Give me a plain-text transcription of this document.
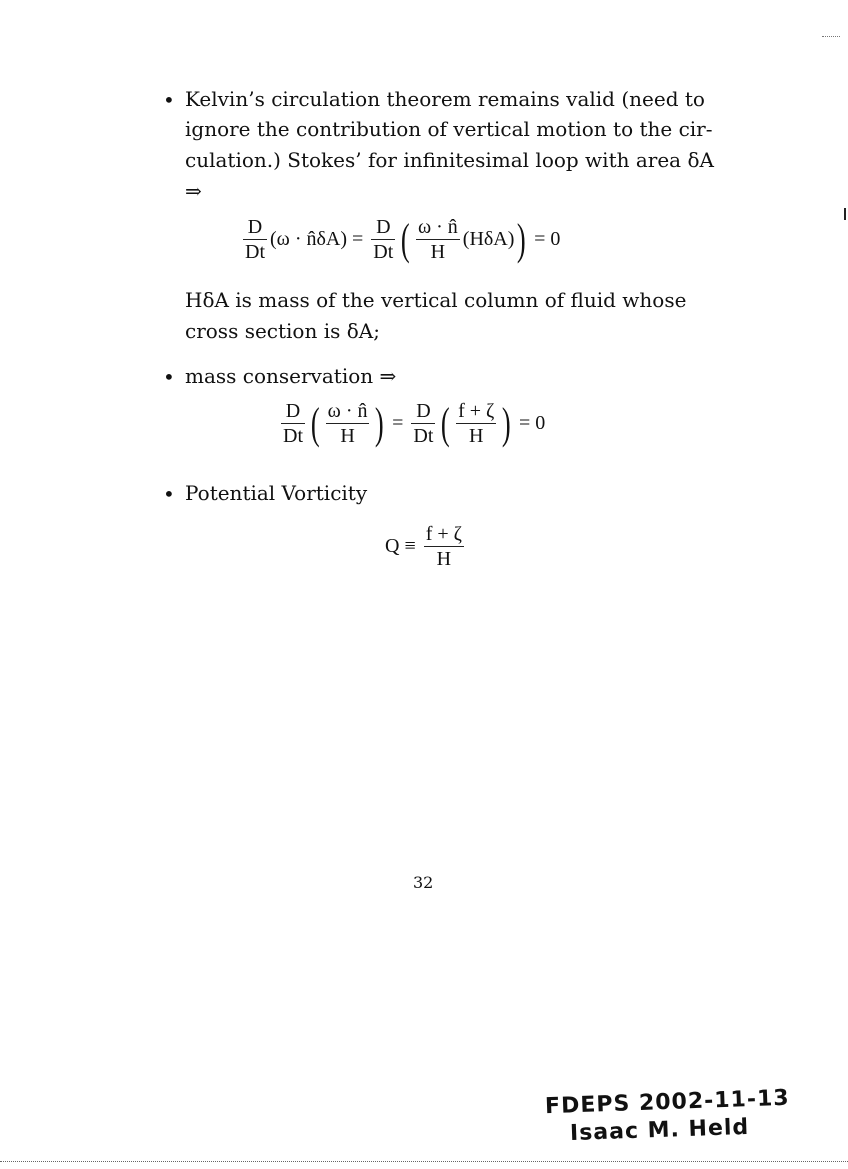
• Kelvin’s circulation theorem remains valid (need to
ignore the contribution of vertical motion to the cir-
culation.) Stokes’ for infinitesimal loop with area δA
⇒
$\frac{D}{Dt} (\omega$ · n̂δA) = $\frac{D}{Dt}$ ( $\frac{\omega \cdot n̂}{H} (H\delta A)) = 0$
HδA is mass of the vertical column of fluid whose
cross section is δA;
• mass conservation ⇒
$\frac{D}{Dt}$ ( $\frac{\omega \cdot n̂}{H}$ ) = $\frac{D}{Dt}$ ( $\frac{f + \zeta}{H}$ ) = 0
• Potential Vorticity
$Q \equiv \frac{f + \zeta}{H}$
32
FDEPS 2002-11-13
Isaac M. Held
